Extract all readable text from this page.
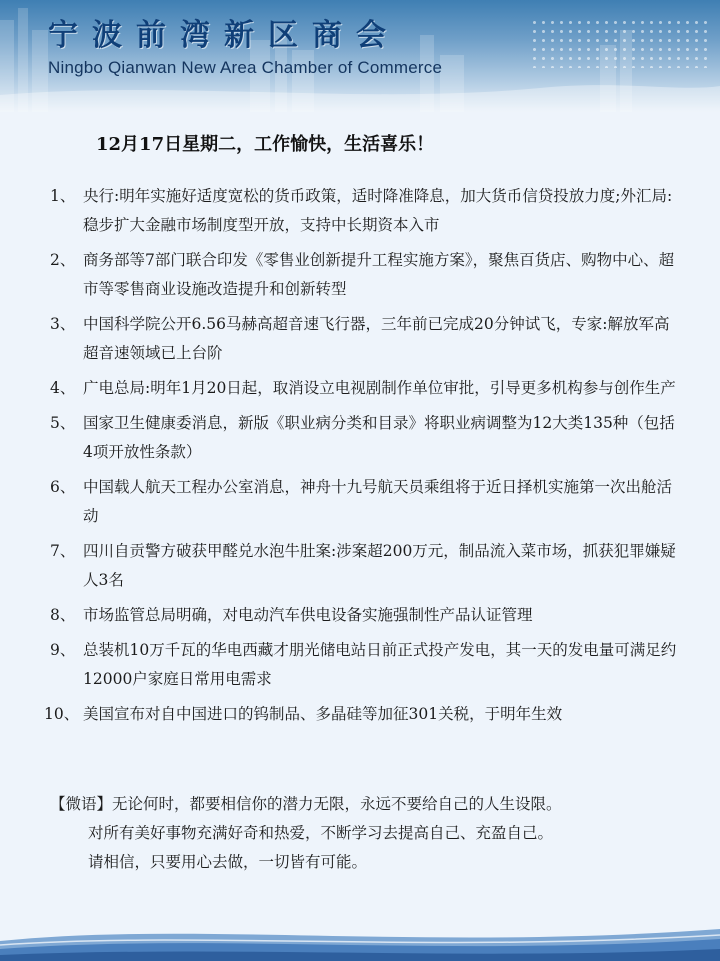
宁波前湾新区商会
Ningbo Qianwan New Area Chamber of Commerce
12月17日星期二，工作愉快，生活喜乐！
1、 央行:明年实施好适度宽松的货币政策，适时降准降息，加大货币信贷投放力度;外汇局:稳步扩大金融市场制度型开放，支持中长期资本入市
2、 商务部等7部门联合印发《零售业创新提升工程实施方案》，聚焦百货店、购物中心、超市等零售商业设施改造提升和创新转型
3、 中国科学院公开6.56马赫高超音速飞行器，三年前已完成20分钟试飞，专家:解放军高超音速领域已上台阶
4、 广电总局:明年1月20日起，取消设立电视剧制作单位审批，引导更多机构参与创作生产
5、 国家卫生健康委消息，新版《职业病分类和目录》将职业病调整为12大类135种（包括4项开放性条款）
6、 中国载人航天工程办公室消息，神舟十九号航天员乘组将于近日择机实施第一次出舱活动
7、 四川自贡警方破获甲醛兑水泡牛肚案:涉案超200万元，制品流入菜市场，抓获犯罪嫌疑人3名
8、 市场监管总局明确，对电动汽车供电设备实施强制性产品认证管理
9、 总装机10万千瓦的华电西藏才朋光储电站日前正式投产发电，其一天的发电量可满足约12000户家庭日常用电需求
10、 美国宣布对自中国进口的钨制品、多晶硅等加征301关税，于明年生效
【微语】无论何时，都要相信你的潜力无限，永远不要给自己的人生设限。
对所有美好事物充满好奇和热爱，不断学习去提高自己、充盈自己。
请相信，只要用心去做，一切皆有可能。
